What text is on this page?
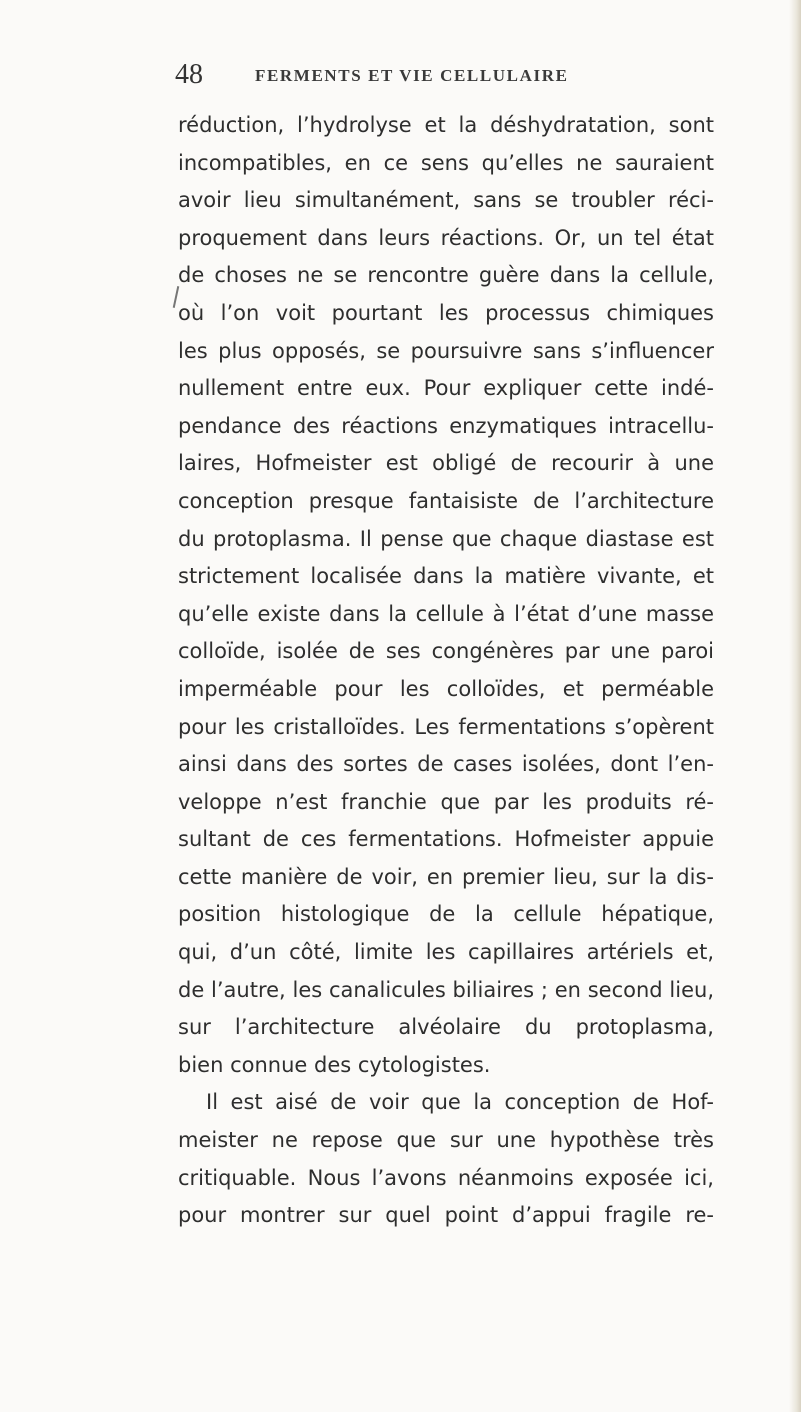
48	FERMENTS ET VIE CELLULAIRE
réduction, l’hydrolyse et la déshydratation, sont
incompatibles, en ce sens qu’elles ne sauraient
avoir lieu simultanément, sans se troubler réci-
proquement dans leurs réactions. Or, un tel état
de choses ne se rencontre guère dans la cellule,
où l’on voit pourtant les processus chimiques
les plus opposés, se poursuivre sans s’influencer
nullement entre eux. Pour expliquer cette indé-
pendance des réactions enzymatiques intracellu-
laires, Hofmeister est obligé de recourir à une
conception presque fantaisiste de l’architecture
du protoplasma. Il pense que chaque diastase est
strictement localisée dans la matière vivante, et
qu’elle existe dans la cellule à l’état d’une masse
colloïde, isolée de ses congénères par une paroi
imperméable pour les colloïdes, et perméable
pour les cristalloïdes. Les fermentations s’opèrent
ainsi dans des sortes de cases isolées, dont l’en-
veloppe n’est franchie que par les produits ré-
sultant de ces fermentations. Hofmeister appuie
cette manière de voir, en premier lieu, sur la dis-
position histologique de la cellule hépatique,
qui, d’un côté, limite les capillaires artériels et,
de l’autre, les canalicules biliaires ; en second lieu,
sur l’architecture alvéolaire du protoplasma,
bien connue des cytologistes.
Il est aisé de voir que la conception de Hof-
meister ne repose que sur une hypothèse très
critiquable. Nous l’avons néanmoins exposée ici,
pour montrer sur quel point d’appui fragile re-
